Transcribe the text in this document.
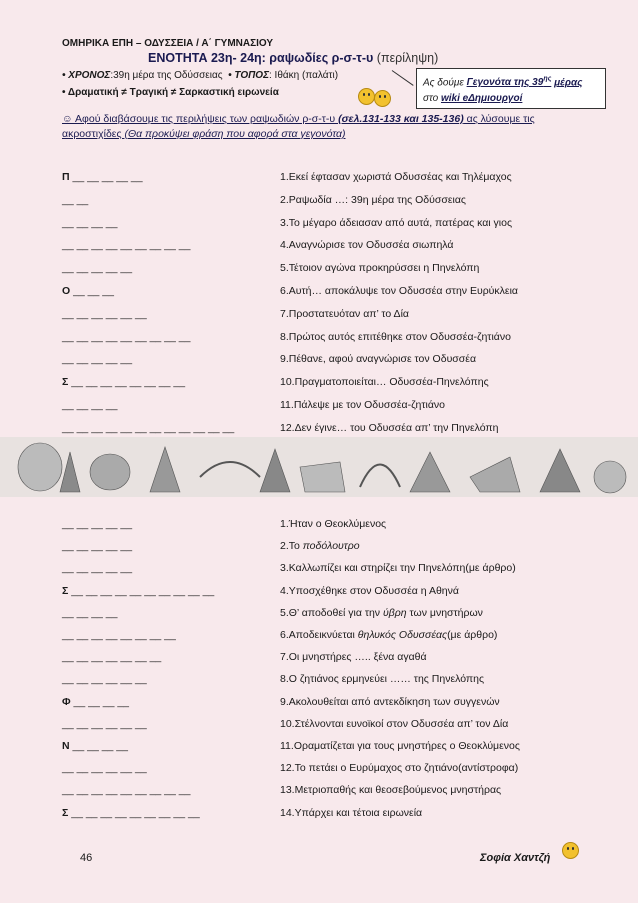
ΟΜΗΡΙΚΑ ΕΠΗ – ΟΔΥΣΣΕΙΑ / Α΄ ΓΥΜΝΑΣΙΟΥ
ΕΝΟΤΗΤΑ 23η- 24η: ραψωδίες ρ-σ-τ-υ (περίληψη)
• ΧΡΟΝΟΣ:39η μέρα της Οδύσσειας • ΤΟΠΟΣ: Ιθάκη (παλάτι)
• Δραματική ≠ Τραγική ≠ Σαρκαστική ειρωνεία
Ας δούμε Γεγονότα της $39^{\eta\varsigma}$ μέρας
στο wiki eΔημιουργοί
☺ Αφού διαβάσουμε τις περιλήψεις των ραψωδιών ρ-σ-τ-υ (σελ.131-133 και 135-136) ας λύσουμε τις ακροστιχίδες (Θα προκύψει φράση που αφορά στα γεγονότα)
Π __ __ __ __ __	1.Εκεί έφτασαν χωριστά Οδυσσέας και Τηλέμαχος
__ __	2.Ραψωδία …: 39η μέρα της Οδύσσειας
__ __ __ __	3.Το μέγαρο άδειασαν από αυτά, πατέρας και γιος
__ __ __ __ __ __ __ __ __	4.Αναγνώρισε τον Οδυσσέα σιωπηλά
__ __ __ __ __	5.Τέτοιον αγώνα προκηρύσσει η Πηνελόπη
Ο __ __ __	6.Αυτή… αποκάλυψε τον Οδυσσέα στην Ευρύκλεια
__ __ __ __ __ __	7.Προστατευόταν απ’ το Δία
__ __ __ __ __ __ __ __ __	8.Πρώτος αυτός επιτέθηκε στον Οδυσσέα-ζητιάνο
__ __ __ __ __	9.Πέθανε, αφού αναγνώρισε τον Οδυσσέα
Σ __ __ __ __ __ __ __ __	10.Πραγματοποιείται… Οδυσσέα-Πηνελόπης
__ __ __ __	11.Πάλεψε με τον Οδυσσέα-ζητιάνο
__ __ __ __ __ __ __ __ __ __ __ __	12.Δεν έγινε… του Οδυσσέα απ’ την Πηνελόπη
__ __ __ __ __	1.Ήταν ο Θεοκλύμενος
__ __ __ __ __	2.Το ποδόλουτρο
__ __ __ __ __	3.Καλλωπίζει και στηρίζει την Πηνελόπη(με άρθρο)
Σ __ __ __ __ __ __ __ __ __ __	4.Υποσχέθηκε στον Οδυσσέα η Αθηνά
__ __ __ __	5.Θ’ αποδοθεί για την ύβρη των μνηστήρων
__ __ __ __ __ __ __ __	6.Αποδεικνύεται θηλυκός Οδυσσέας(με άρθρο)
__ __ __ __ __ __ __	7.Οι μνηστήρες ….. ξένα αγαθά
__ __ __ __ __ __	8.Ο ζητιάνος ερμηνεύει …… της Πηνελόπης
Φ __ __ __ __	9.Ακολουθείται από αντεκδίκηση των συγγενών
__ __ __ __ __ __	10.Στέλνονται ευνοϊκοί στον Οδυσσέα απ’ τον Δία
Ν __ __ __ __	11.Οραματίζεται για τους μνηστήρες ο Θεοκλύμενος
__ __ __ __ __ __	12.Το πετάει ο Ευρύμαχος στο ζητιάνο(αντίστροφα)
__ __ __ __ __ __ __ __ __	13.Μετριοπαθής και θεοσεβούμενος μνηστήρας
Σ __ __ __ __ __ __ __ __ __	14.Υπάρχει και τέτοια ειρωνεία
46	Σοφία Χαντζή
